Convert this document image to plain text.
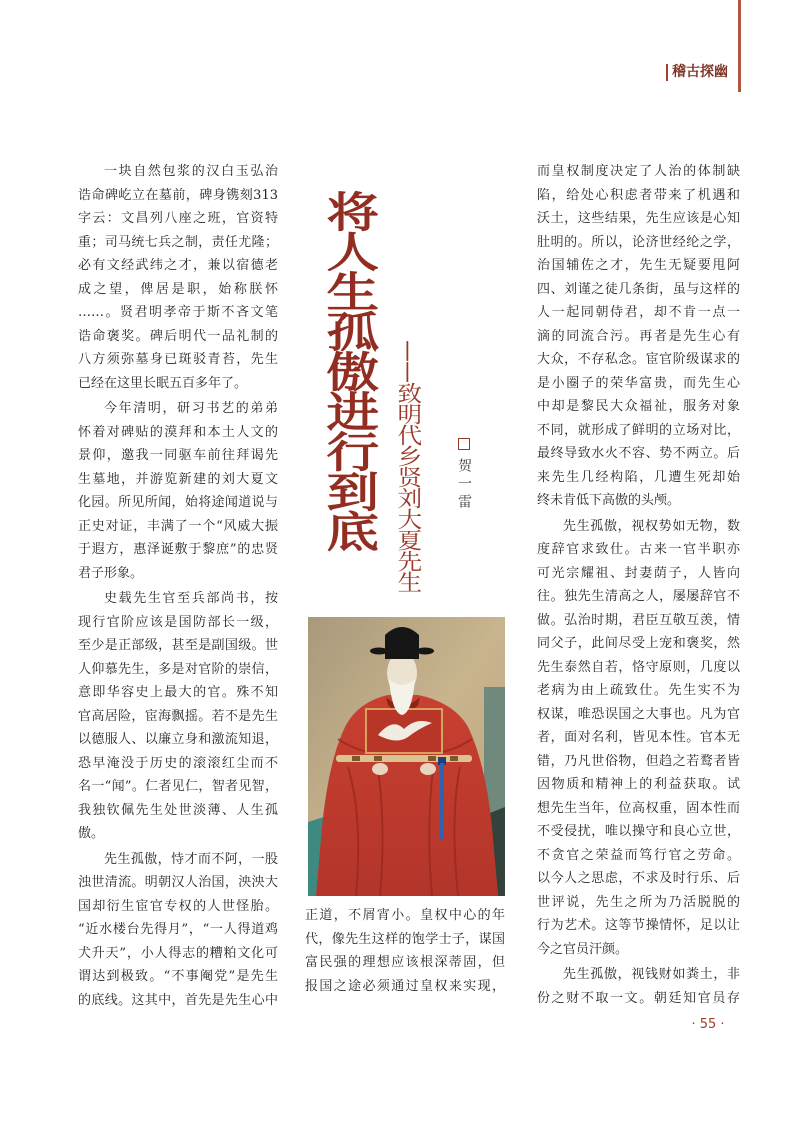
稽古探幽
将人生孤傲进行到底 ——致明代乡贤刘大夏先生 贺一雷
一块自然包浆的汉白玉弘治
诰命碑屹立在墓前，碑身镌刻313
字云：文昌列八座之班，官资特
重；司马统七兵之制，责任尤隆；
必有文经武纬之才，兼以宿德老
成之望，俾居是职，始称朕怀
……。贤君明孝帝于斯不吝文笔
诰命褒奖。碑后明代一品礼制的
八方须弥墓身已斑驳青苔，先生
已经在这里长眠五百多年了。
今年清明，研习书艺的弟弟
怀着对碑贴的漠拜和本土人文的
景仰，邀我一同驱车前往拜谒先
生墓地，并游览新建的刘大夏文
化园。所见所闻，始将途闻道说与
正史对证，丰满了一个“风威大振
于遐方，惠泽诞敷于黎庶”的忠贤
君子形象。
史载先生官至兵部尚书，按
现行官阶应该是国防部长一级，
至少是正部级，甚至是副国级。世
人仰慕先生，多是对官阶的崇信，
意即华容史上最大的官。殊不知
官高居险，宦海飘摇。若不是先生
以德服人、以廉立身和激流知退，
恐早淹没于历史的滚滚红尘而不
名一“闻”。仁者见仁，智者见智，
我独钦佩先生处世淡薄、人生孤
傲。
先生孤傲，恃才而不阿，一股
浊世清流。明朝汉人治国，泱泱大
国却衍生宦官专权的人世怪胎。
“近水楼台先得月”，“一人得道鸡
犬升天”，小人得志的糟粕文化可
谓达到极致。“不事阉党”是先生
的底线。这其中，首先是先生心中
正道，不屑宵小。皇权中心的年
代，像先生这样的饱学士子，谋国
富民强的理想应该根深蒂固，但
报国之途必须通过皇权来实现，
而皇权制度决定了人治的体制缺
陷，给处心积虑者带来了机遇和
沃土，这些结果，先生应该是心知
肚明的。所以，论济世经纶之学，
治国辅佐之才，先生无疑要甩阿
四、刘谨之徒几条街，虽与这样的
人一起同朝侍君，却不肯一点一
滴的同流合污。再者是先生心有
大众，不存私念。宦官阶级谋求的
是小圈子的荣华富贵，而先生心
中却是黎民大众福祉，服务对象
不同，就形成了鲜明的立场对比，
最终导致水火不容、势不两立。后
来先生几经构陷，几遭生死却始
终未肯低下高傲的头颅。
先生孤傲，视权势如无物，数
度辞官求致仕。古来一官半职亦
可光宗耀祖、封妻荫子，人皆向
往。独先生清高之人，屡屡辞官不
做。弘治时期，君臣互敬互羡，情
同父子，此间尽受上宠和褒奖，然
先生泰然自若，恪守原则，几度以
老病为由上疏致仕。先生实不为
权谋，唯恐误国之大事也。凡为官
者，面对名利，皆见本性。官本无
错，乃凡世俗物，但趋之若鹜者皆
因物质和精神上的利益获取。试
想先生当年，位高权重，固本性而
不受侵扰，唯以操守和良心立世，
不贪官之荣益而笃行官之劳命。
以今人之思虑，不求及时行乐、后
世评说，先生之所为乃活脱脱的
行为艺术。这等节操情怀，足以让
今之官员汗颜。
先生孤傲，视钱财如粪土，非
份之财不取一文。朝廷知官员存
· 55 ·
